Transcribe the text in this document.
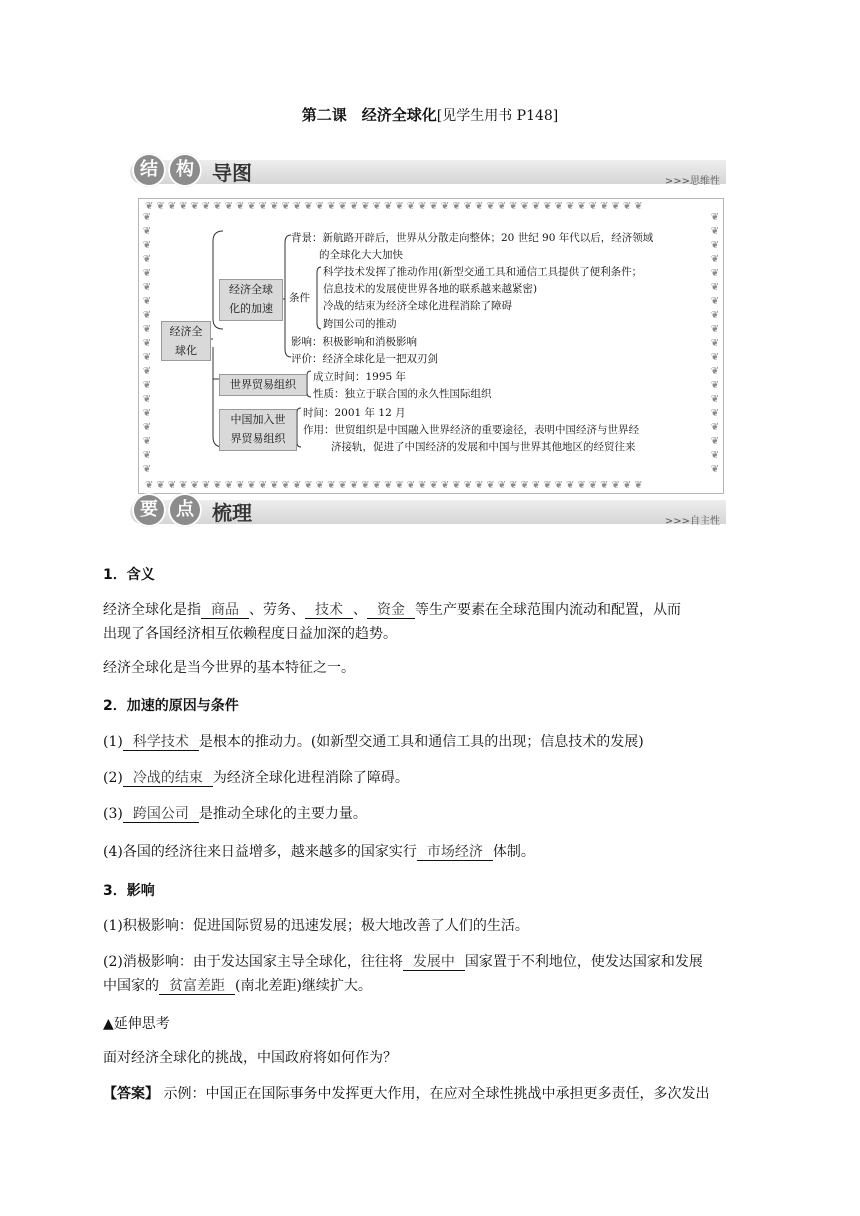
第二课　经济全球化[见学生用书 P148]
结	构 导图	>>>思维性
❦❦❦❦❦❦❦❦❦❦❦❦❦❦❦❦❦❦❦❦❦❦❦❦❦❦❦❦❦❦❦❦❦❦❦❦❦❦❦❦❦❦❦❦
❦❦❦❦❦❦❦❦❦❦❦❦❦❦❦❦❦❦❦❦❦❦❦❦❦❦❦❦❦❦❦❦❦❦❦❦❦❦❦❦❦❦❦❦
❦
❦
❦
❦
❦
❦
❦
❦
❦
❦
❦
❦
❦
❦
❦
❦
❦
❦
❦
❦
❦
❦
❦
❦
❦
❦
❦
❦
❦
❦
❦
❦
❦
❦
❦
❦
❦
❦
经济全
球化
经济全球
化的加速
世界贸易组织
中国加入世
界贸易组织
背景：新航路开辟后，世界从分散走向整体；20 世纪 90 年代以后，经济领域
的全球化大大加快
条件
科学技术发挥了推动作用(新型交通工具和通信工具提供了便利条件；
信息技术的发展使世界各地的联系越来越紧密)
冷战的结束为经济全球化进程消除了障碍
跨国公司的推动
影响：积极影响和消极影响
评价：经济全球化是一把双刃剑
成立时间：1995 年
性质：独立于联合国的永久性国际组织
时间：2001 年 12 月
作用：世贸组织是中国融入世界经济的重要途径，表明中国经济与世界经
济接轨，促进了中国经济的发展和中国与世界其他地区的经贸往来
要	点 梳理	>>>自主性
1．含义
经济全球化是指 商品 、劳务、 技术 、 资金 等生产要素在全球范围内流动和配置，从而
出现了各国经济相互依赖程度日益加深的趋势。
经济全球化是当今世界的基本特征之一。
2．加速的原因与条件
(1) 科学技术 是根本的推动力。(如新型交通工具和通信工具的出现；信息技术的发展)
(2) 冷战的结束 为经济全球化进程消除了障碍。
(3) 跨国公司 是推动全球化的主要力量。
(4)各国的经济往来日益增多，越来越多的国家实行 市场经济 体制。
3．影响
(1)积极影响：促进国际贸易的迅速发展；极大地改善了人们的生活。
(2)消极影响：由于发达国家主导全球化，往往将 发展中 国家置于不利地位，使发达国家和发展
中国家的 贫富差距 (南北差距)继续扩大。
▲延伸思考
面对经济全球化的挑战，中国政府将如何作为？
【答案】 示例：中国正在国际事务中发挥更大作用，在应对全球性挑战中承担更多责任，多次发出
